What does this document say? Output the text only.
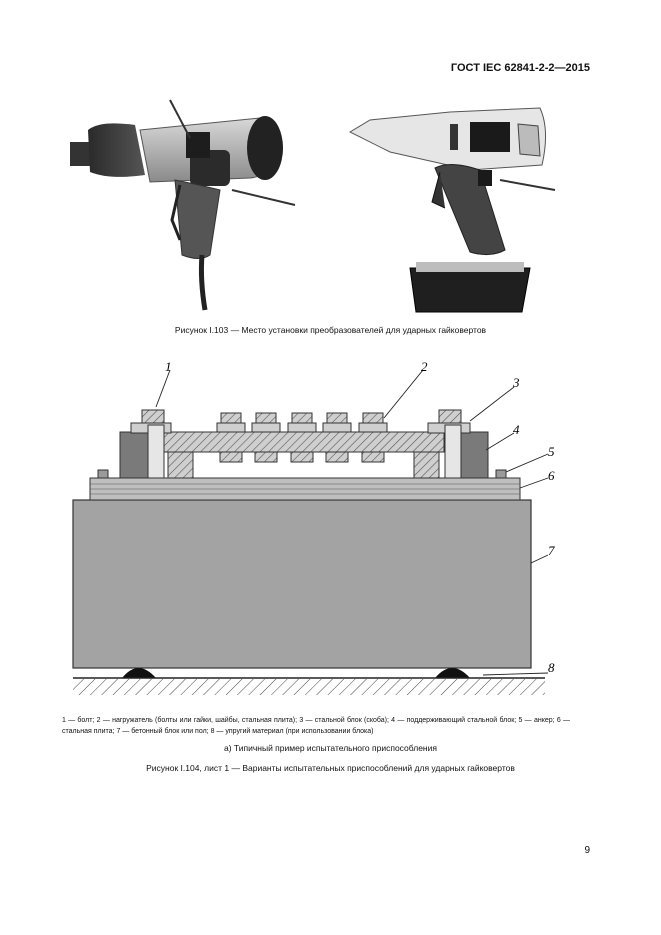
ГОСТ IEC 62841-2-2—2015
Рисунок I.103 — Место установки преобразователей для ударных гайковертов
1	2
3
4
5
6
7
8
1 — болт; 2 — нагружатель (болты или гайки, шайбы, стальная плита); 3 — стальной блок (скоба); 4 — поддерживающий стальной блок; 5 — анкер; 6 — стальная плита; 7 — бетонный блок или пол; 8 — упругий материал (при использовании блока)
а) Типичный пример испытательного приспособления
Рисунок I.104, лист 1 — Варианты испытательных приспособлений для ударных гайковертов
9
